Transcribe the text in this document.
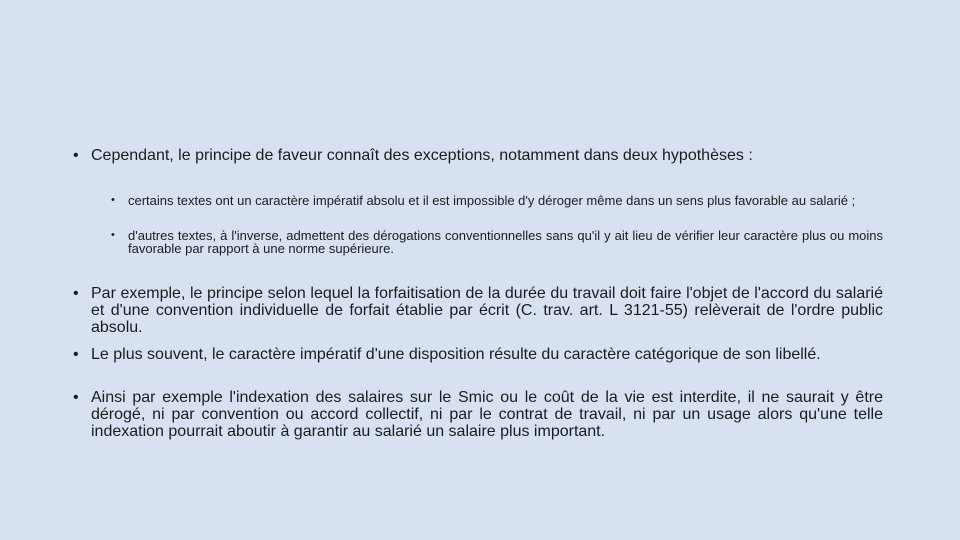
• Cependant, le principe de faveur connaît des exceptions, notamment dans deux hypothèses :
• certains textes ont un caractère impératif absolu et il est impossible d'y déroger même dans un sens plus favorable au salarié ;
• d'autres textes, à l'inverse, admettent des dérogations conventionnelles sans qu'il y ait lieu de vérifier leur caractère plus ou moins favorable par rapport à une norme supérieure.
• Par exemple, le principe selon lequel la forfaitisation de la durée du travail doit faire l'objet de l'accord du salarié et d'une convention individuelle de forfait établie par écrit (C. trav. art. L 3121-55) relèverait de l'ordre public absolu.
• Le plus souvent, le caractère impératif d'une disposition résulte du caractère catégorique de son libellé.
• Ainsi par exemple l'indexation des salaires sur le Smic ou le coût de la vie est interdite, il ne saurait y être dérogé, ni par convention ou accord collectif, ni par le contrat de travail, ni par un usage alors qu'une telle indexation pourrait aboutir à garantir au salarié un salaire plus important.
